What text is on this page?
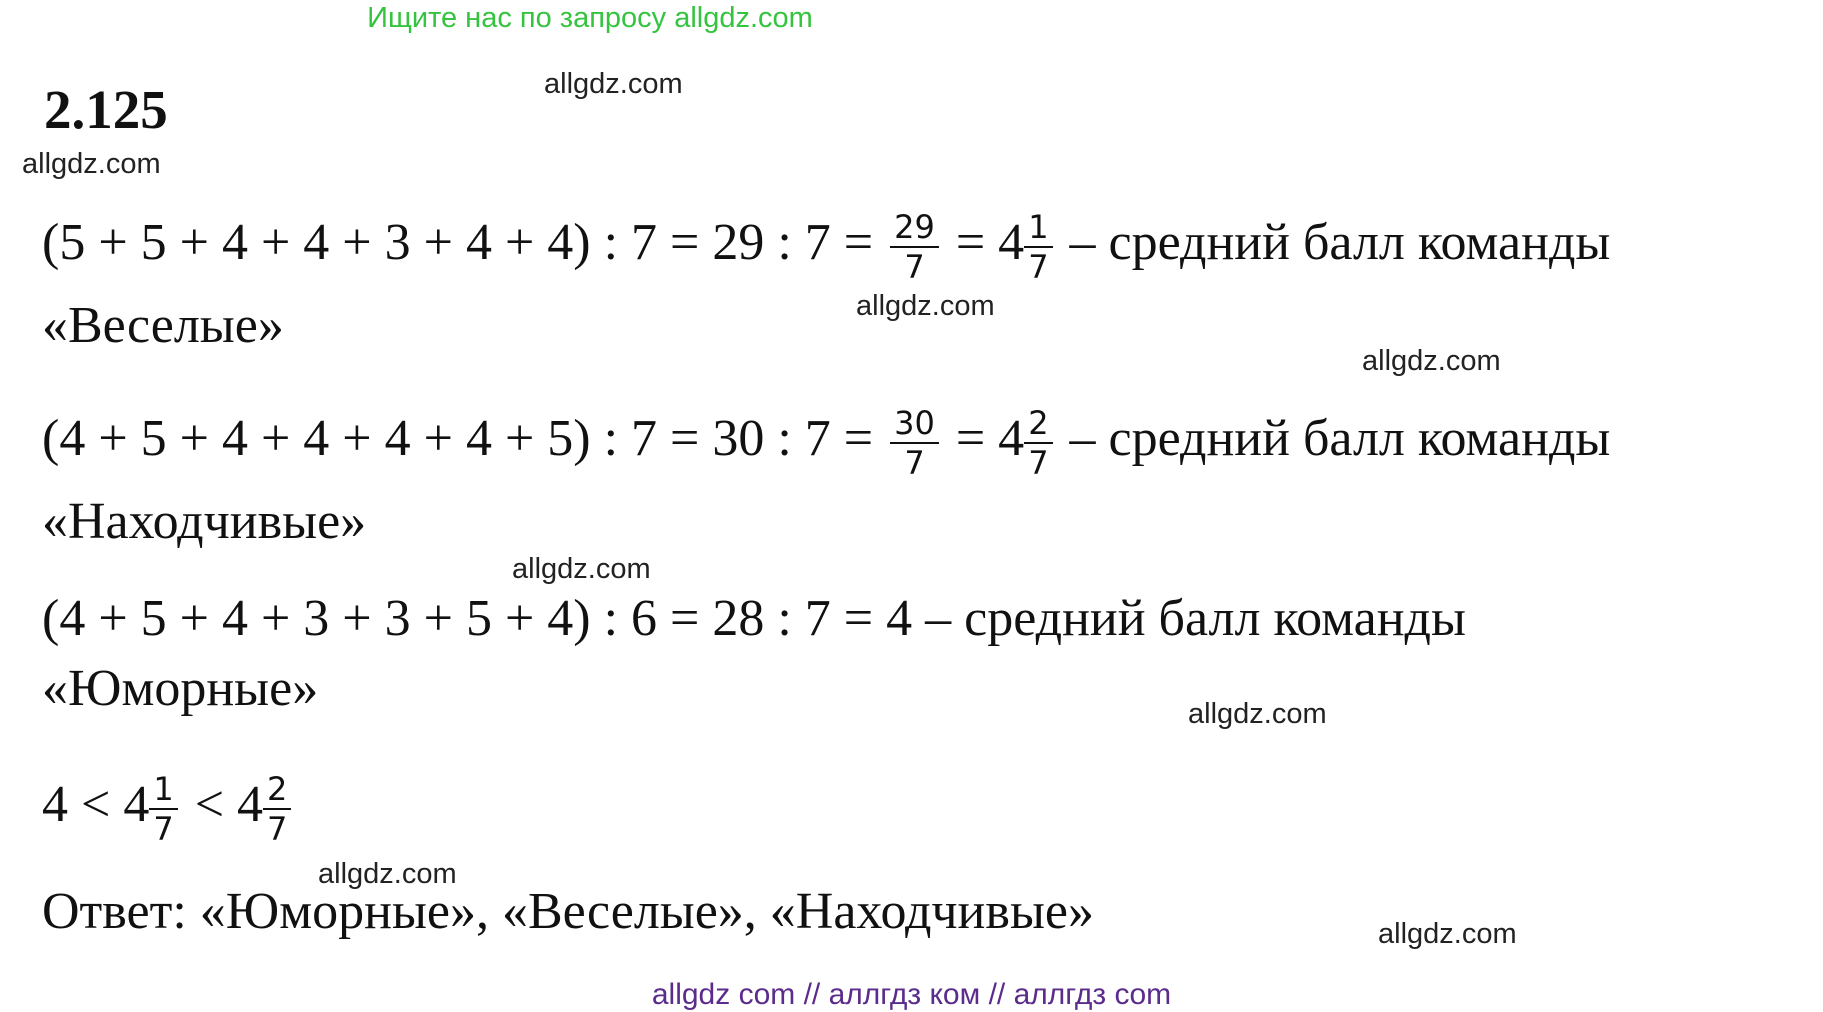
Ищите нас по запросу allgdz.com
2.125	allgdz.com
allgdz.com
allgdz.com
allgdz.com
allgdz.com
allgdz.com
allgdz.com
allgdz.com
(5 + 5 + 4 + 4 + 3 + 4 + 4) : 7 = 29 : $7 = \frac{29}{7} = 4 \frac{1}{7}$ – средний балл команды
«Веселые»
(4 + 5 + 4 + 4 + 4 + 4 + 5) : 7 = 30 : $7 = \frac{30}{7} = 4 \frac{2}{7}$ – средний балл команды
«Находчивые»
(4 + 5 + 4 + 3 + 3 + 5 + 4) : 6 = 28 : 7 = 4 – средний балл команды
«Юморные»
$4 < 4 \frac{1}{7} < 4 \frac{2}{7}$
Ответ: «Юморные», «Веселые», «Находчивые»
allgdz com // аллгдз ком // аллгдз com
